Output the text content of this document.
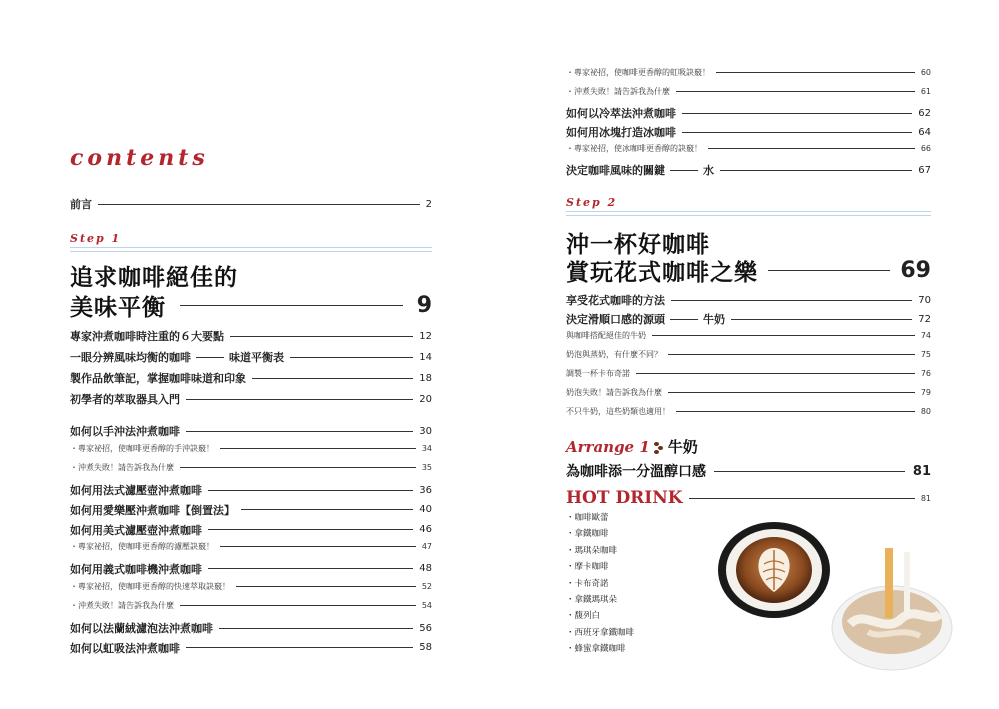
contents
前言	2
Step 1
追求咖啡絕佳的
美味平衡	9
專家沖煮咖啡時注重的６大要點	12
一眼分辨風味均衡的咖啡	味道平衡表	14
製作品飲筆記，掌握咖啡味道和印象	18
初學者的萃取器具入門	20
如何以手沖法沖煮咖啡	30
・專家祕招，使咖啡更香醇的手沖訣竅！	34
・沖煮失敗！請告訴我為什麼	35
如何用法式濾壓壺沖煮咖啡	36
如何用愛樂壓沖煮咖啡【倒置法】	40
如何用美式濾壓壺沖煮咖啡	46
・專家祕招，使咖啡更香醇的濾壓訣竅！	47
如何用義式咖啡機沖煮咖啡	48
・專家祕招，使咖啡更香醇的快速萃取訣竅！	52
・沖煮失敗！請告訴我為什麼	54
如何以法蘭絨濾泡法沖煮咖啡	56
如何以虹吸法沖煮咖啡	58
・專家祕招，使咖啡更香醇的虹吸訣竅！	60
・沖煮失敗！請告訴我為什麼	61
如何以冷萃法沖煮咖啡	62
如何用冰塊打造冰咖啡	64
・專家祕招，使冰咖啡更香醇的訣竅！	66
決定咖啡風味的關鍵	水	67
Step 2
沖一杯好咖啡
賞玩花式咖啡之樂	69
享受花式咖啡的方法	70
決定滑順口感的源頭	牛奶	72
與咖啡搭配絕佳的牛奶	74
奶泡與蒸奶，有什麼不同？	75
調製一杯卡布奇諾	76
奶泡失敗！請告訴我為什麼	79
不只牛奶，這些奶類也適用！	80
Arrange 1 牛奶
為咖啡添一分溫醇口感	81
HOT DRINK	81
・咖啡歐蕾
・拿鐵咖啡
・瑪琪朵咖啡
・摩卡咖啡
・卡布奇諾
・拿鐵瑪琪朵
・馥列白
・西班牙拿鐵咖啡
・蜂蜜拿鐵咖啡
